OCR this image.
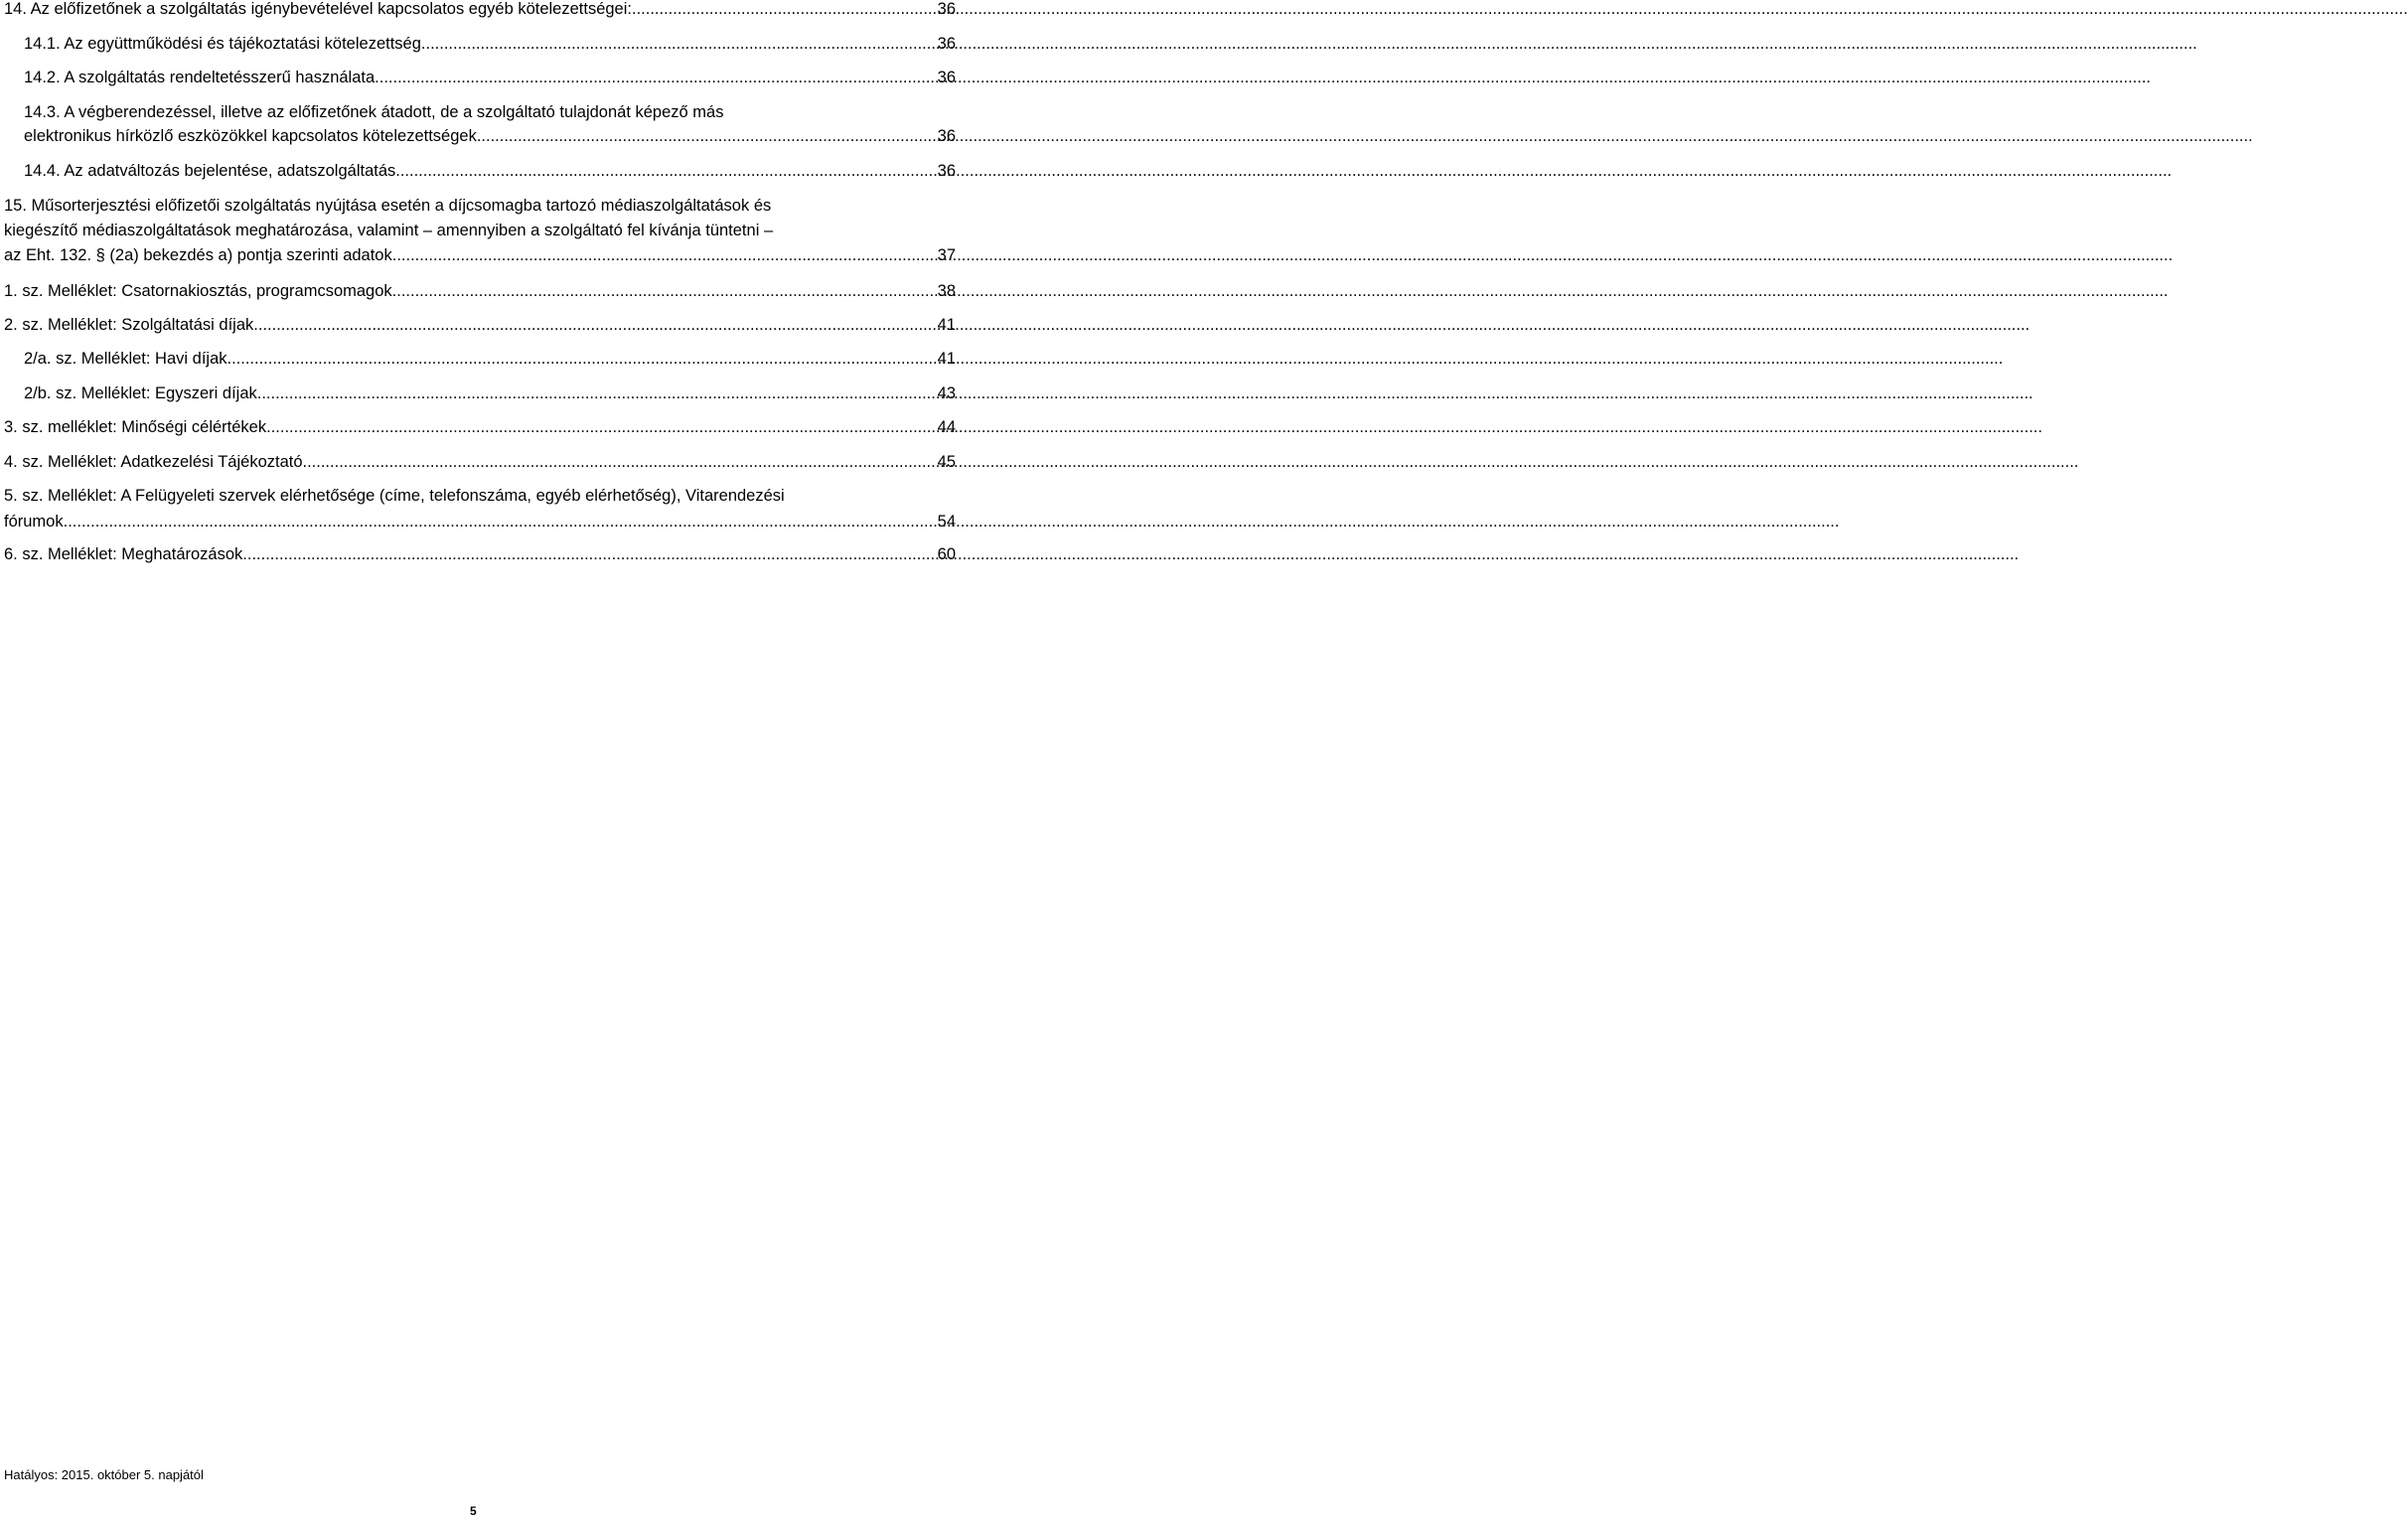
14. Az előfizetőnek a szolgáltatás igénybevételével kapcsolatos egyéb kötelezettségei: .....	36
14.1. Az együttműködési és tájékoztatási kötelezettség .....	36
14.2. A szolgáltatás rendeltetésszerű használata .....	36
14.3. A végberendezéssel, illetve az előfizetőnek átadott, de a szolgáltató tulajdonát képező más
elektronikus hírközlő eszközökkel kapcsolatos kötelezettségek .....	36
14.4. Az adatváltozás bejelentése, adatszolgáltatás .....	36
15. Műsorterjesztési előfizetői szolgáltatás nyújtása esetén a díjcsomagba tartozó médiaszolgáltatások és
kiegészítő médiaszolgáltatások meghatározása, valamint – amennyiben a szolgáltató fel kívánja tüntetni –
az Eht. 132. § (2a) bekezdés a) pontja szerinti adatok. .....	37
1. sz. Melléklet: Csatornakiosztás, programcsomagok .....	38
2. sz. Melléklet: Szolgáltatási díjak .....	41
2/a. sz. Melléklet: Havi díjak .....	41
2/b. sz. Melléklet: Egyszeri díjak .....	43
3. sz. melléklet: Minőségi célértékek .....	44
4. sz. Melléklet: Adatkezelési Tájékoztató .....	45
5. sz. Melléklet: A Felügyeleti szervek elérhetősége (címe, telefonszáma, egyéb elérhetőség), Vitarendezési
fórumok .....	54
6. sz. Melléklet: Meghatározások .....	60
Hatályos: 2015. október 5. napjától
5
